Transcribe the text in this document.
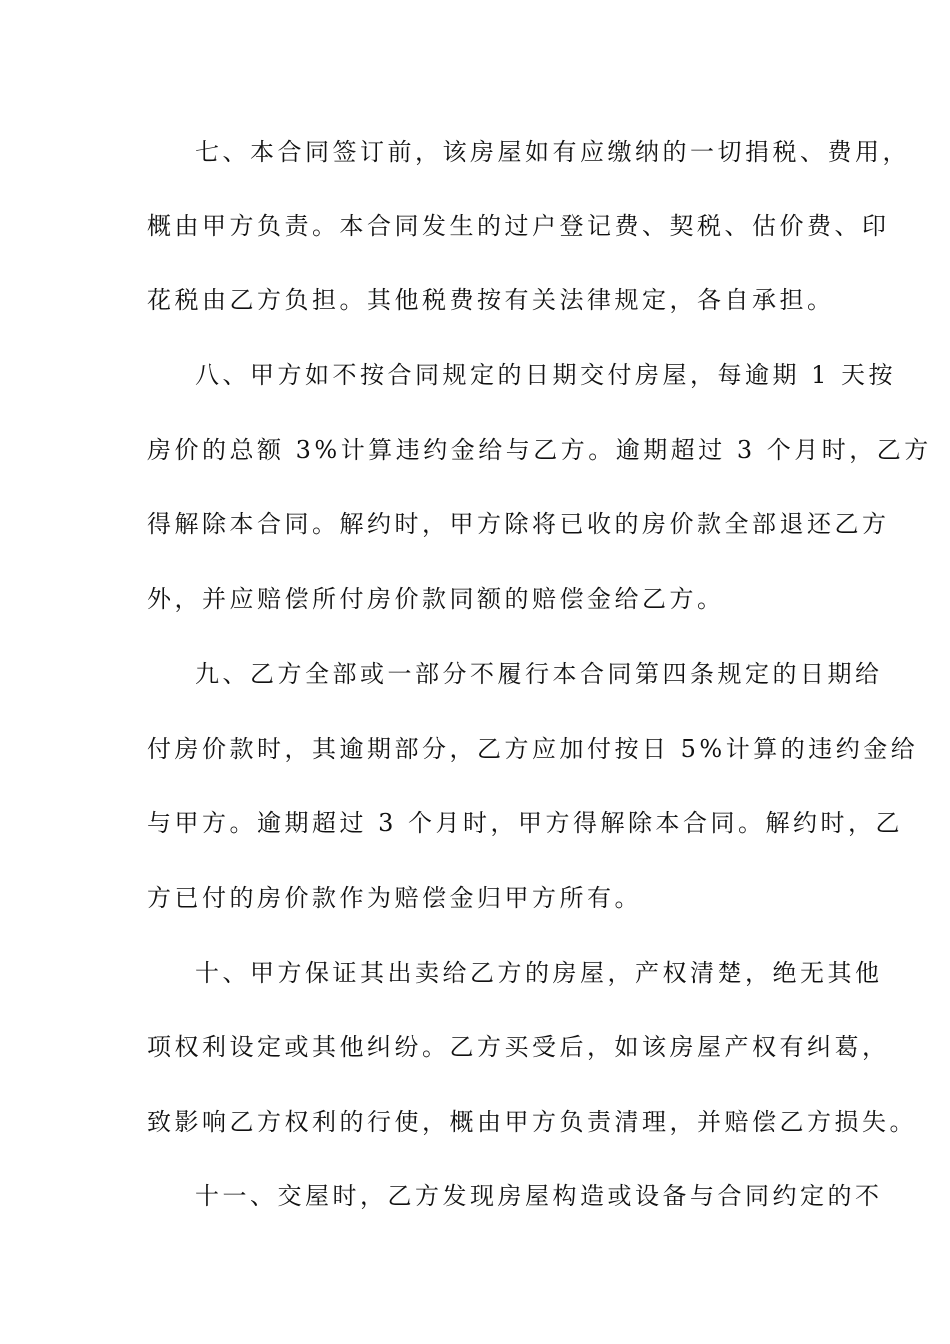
七、本合同签订前，该房屋如有应缴纳的一切捐税、费用，
概由甲方负责。本合同发生的过户登记费、契税、估价费、印
花税由乙方负担。其他税费按有关法律规定，各自承担。
八、甲方如不按合同规定的日期交付房屋，每逾期 1 天按
房价的总额 3%计算违约金给与乙方。逾期超过 3 个月时，乙方
得解除本合同。解约时，甲方除将已收的房价款全部退还乙方
外，并应赔偿所付房价款同额的赔偿金给乙方。
九、乙方全部或一部分不履行本合同第四条规定的日期给
付房价款时，其逾期部分，乙方应加付按日 5%计算的违约金给
与甲方。逾期超过 3 个月时，甲方得解除本合同。解约时，乙
方已付的房价款作为赔偿金归甲方所有。
十、甲方保证其出卖给乙方的房屋，产权清楚，绝无其他
项权利设定或其他纠纷。乙方买受后，如该房屋产权有纠葛，
致影响乙方权利的行使，概由甲方负责清理，并赔偿乙方损失。
十一、交屋时，乙方发现房屋构造或设备与合同约定的不
